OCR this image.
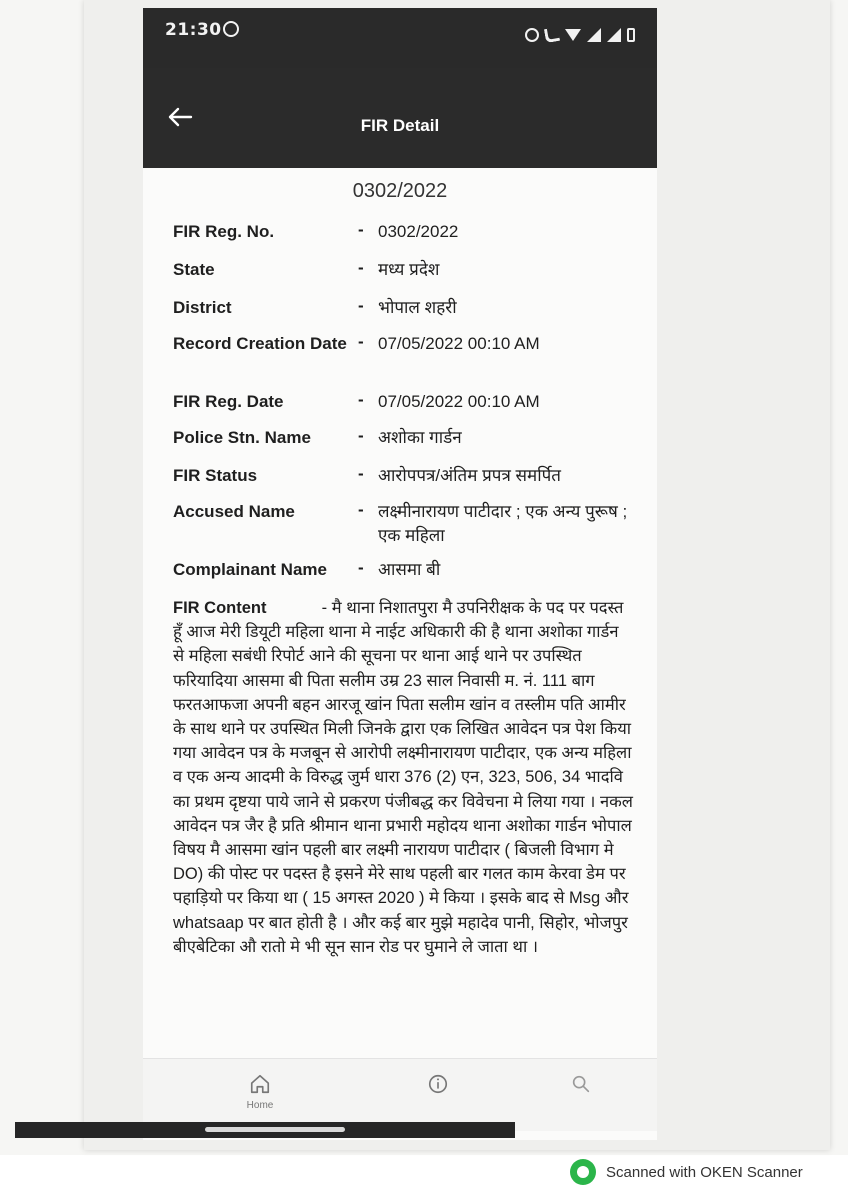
21:30
FIR Detail
0302/2022
FIR Reg. No.	- 0302/2022
State	- मध्य प्रदेश
District	- भोपाल शहरी
Record Creation Date - 07/05/2022 00:10 AM
FIR Reg. Date	- 07/05/2022 00:10 AM
Police Stn. Name	- अशोका गार्डन
FIR Status	- आरोपपत्र/अंतिम प्रपत्र समर्पित
Accused Name	- लक्ष्मीनारायण पाटीदार ; एक अन्य पुरूष ; एक महिला
Complainant Name	- आसमा बी
FIR Content	- मै थाना निशातपुरा मै उपनिरीक्षक के पद पर पदस्त हूँ आज मेरी डियूटी महिला थाना मे नाईट अधिकारी की है थाना अशोका गार्डन से महिला सबंधी रिपोर्ट आने की सूचना पर थाना आई थाने पर उपस्थित फरियादिया आसमा बी पिता सलीम उम्र 23 साल निवासी म. नं. 111 बाग फरतआफजा अपनी बहन आरजू खांन पिता सलीम खांन व तस्लीम पति आमीर के साथ थाने पर उपस्थित मिली जिनके द्वारा एक लिखित आवेदन पत्र पेश किया गया आवेदन पत्र के मजबून से आरोपी लक्ष्मीनारायण पाटीदार, एक अन्य महिला व एक अन्य आदमी के विरुद्ध जुर्म धारा 376 (2) एन, 323, 506, 34 भादवि का प्रथम दृष्टया पाये जाने से प्रकरण पंजीबद्ध कर विवेचना मे लिया गया । नकल आवेदन पत्र जैर है प्रति श्रीमान थाना प्रभारी महोदय थाना अशोका गार्डन भोपाल विषय मै आसमा खांन पहली बार लक्ष्मी नारायण पाटीदार ( बिजली विभाग मे DO) की पोस्ट पर पदस्त है इसने मेरे साथ पहली बार गलत काम केरवा डेम पर पहाड़ियो पर किया था ( 15 अगस्त 2020 ) मे किया । इसके बाद से Msg और whatsaap पर बात होती है । और कई बार मुझे महादेव पानी, सिहोर, भोजपुर बीएबेटिका औ रातो मे भी सून सान रोड पर घुमाने ले जाता था ।
Home
Scanned with OKEN Scanner
